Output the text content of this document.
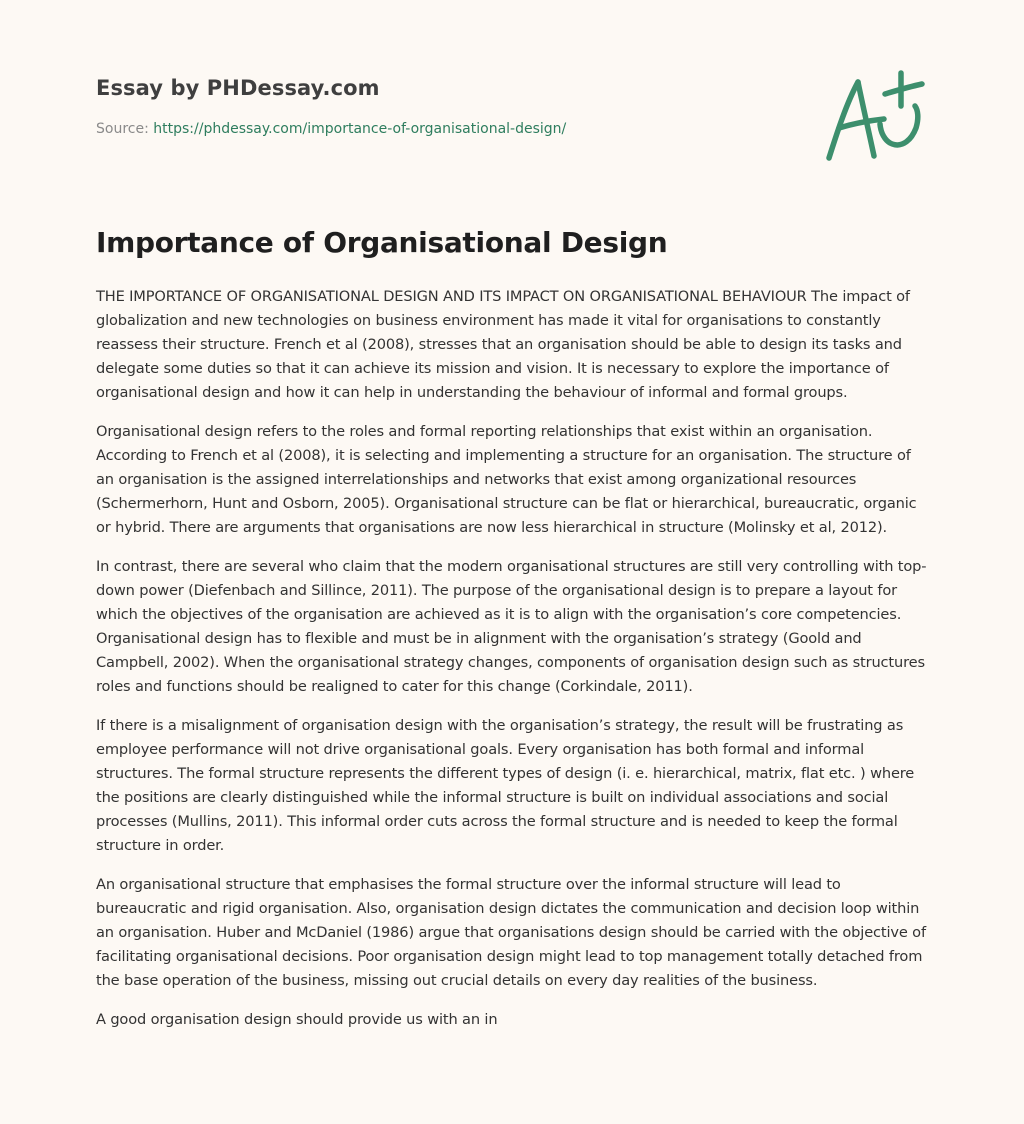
Essay by PHDessay.com
Source: https://phdessay.com/importance-of-organisational-design/
Importance of Organisational Design

THE IMPORTANCE OF ORGANISATIONAL DESIGN AND ITS IMPACT ON ORGANISATIONAL BEHAVIOUR The impact of globalization and new technologies on business environment has made it vital for organisations to constantly reassess their structure. French et al (2008), stresses that an organisation should be able to design its tasks and delegate some duties so that it can achieve its mission and vision. It is necessary to explore the importance of organisational design and how it can help in understanding the behaviour of informal and formal groups.

Organisational design refers to the roles and formal reporting relationships that exist within an organisation. According to French et al (2008), it is selecting and implementing a structure for an organisation. The structure of an organisation is the assigned interrelationships and networks that exist among organizational resources (Schermerhorn, Hunt and Osborn, 2005). Organisational structure can be flat or hierarchical, bureaucratic, organic or hybrid. There are arguments that organisations are now less hierarchical in structure (Molinsky et al, 2012).

In contrast, there are several who claim that the modern organisational structures are still very controlling with top-down power (Diefenbach and Sillince, 2011). The purpose of the organisational design is to prepare a layout for which the objectives of the organisation are achieved as it is to align with the organisation’s core competencies. Organisational design has to flexible and must be in alignment with the organisation’s strategy (Goold and Campbell, 2002). When the organisational strategy changes, components of organisation design such as structures roles and functions should be realigned to cater for this change (Corkindale, 2011).

If there is a misalignment of organisation design with the organisation’s strategy, the result will be frustrating as employee performance will not drive organisational goals. Every organisation has both formal and informal structures. The formal structure represents the different types of design (i. e. hierarchical, matrix, flat etc. ) where the positions are clearly distinguished while the informal structure is built on individual associations and social processes (Mullins, 2011). This informal order cuts across the formal structure and is needed to keep the formal structure in order.

An organisational structure that emphasises the formal structure over the informal structure will lead to bureaucratic and rigid organisation. Also, organisation design dictates the communication and decision loop within an organisation. Huber and McDaniel (1986) argue that organisations design should be carried with the objective of facilitating organisational decisions. Poor organisation design might lead to top management totally detached from the base operation of the business, missing out crucial details on every day realities of the business.

A good organisation design should provide us with an in
